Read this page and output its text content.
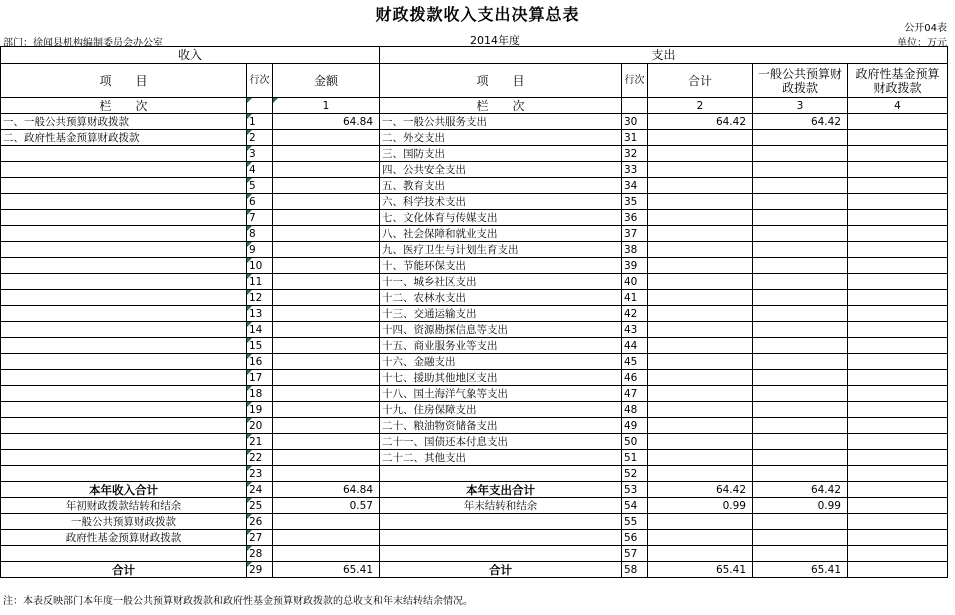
财政拨款收入支出决算总表
公开04表
部门：徐闻县机构编制委员会办公室	2014年度	单位：万元
收入			支出				
项　　目	行次	金额	项　　目	行次	合计	一般公共预算财政拨款	政府性基金预算财政拨款
栏　　次		1	栏　　次		2	3	4
一、一般公共预算财政拨款	1	64.84	一、一般公共服务支出	30	64.42	64.42	
二、政府性基金预算财政拨款	2		二、外交支出	31			
	3		三、国防支出	32			
	4		四、公共安全支出	33			
	5		五、教育支出	34			
	6		六、科学技术支出	35			
	7		七、文化体育与传媒支出	36			
	8		八、社会保障和就业支出	37			
	9		九、医疗卫生与计划生育支出	38			
	10		十、节能环保支出	39			
	11		十一、城乡社区支出	40			
	12		十二、农林水支出	41			
	13		十三、交通运输支出	42			
	14		十四、资源勘探信息等支出	43			
	15		十五、商业服务业等支出	44			
	16		十六、金融支出	45			
	17		十七、援助其他地区支出	46			
	18		十八、国土海洋气象等支出	47			
	19		十九、住房保障支出	48			
	20		二十、粮油物资储备支出	49			
	21		二十一、国债还本付息支出	50			
	22		二十二、其他支出	51			
	23			52			
本年收入合计	24	64.84	本年支出合计	53	64.42	64.42	
年初财政拨款结转和结余	25	0.57	年末结转和结余	54	0.99	0.99	
一般公共预算财政拨款	26			55			
政府性基金预算财政拨款	27			56			
	28			57			
合计	29	65.41	合计	58	65.41	65.41	
注：本表反映部门本年度一般公共预算财政拨款和政府性基金预算财政拨款的总收支和年末结转结余情况。
